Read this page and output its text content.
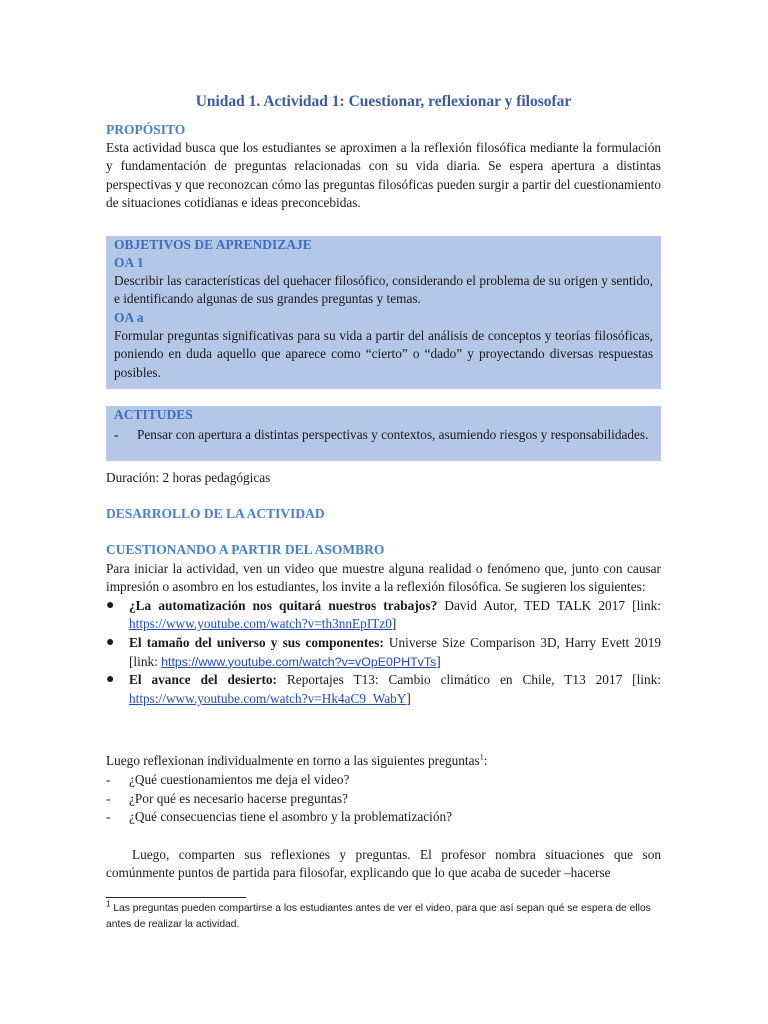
Unidad 1. Actividad 1: Cuestionar, reflexionar y filosofar

PROPÓSITO

Esta actividad busca que los estudiantes se aproximen a la reflexión filosófica mediante la formulación y fundamentación de preguntas relacionadas con su vida diaria. Se espera apertura a distintas perspectivas y que reconozcan cómo las preguntas filosóficas pueden surgir a partir del cuestionamiento de situaciones cotidianas e ideas preconcebidas.

OBJETIVOS DE APRENDIZAJE

OA 1

Describir las características del quehacer filosófico, considerando el problema de su origen y sentido, e identificando algunas de sus grandes preguntas y temas.

OA a

Formular preguntas significativas para su vida a partir del análisis de conceptos y teorías filosóficas, poniendo en duda aquello que aparece como “cierto” o “dado” y proyectando diversas respuestas posibles.

ACTITUDES

- Pensar con apertura a distintas perspectivas y contextos, asumiendo riesgos y responsabilidades.

Duración: 2 horas pedagógicas

DESARROLLO DE LA ACTIVIDAD

CUESTIONANDO A PARTIR DEL ASOMBRO

Para iniciar la actividad, ven un video que muestre alguna realidad o fenómeno que, junto con causar impresión o asombro en los estudiantes, los invite a la reflexión filosófica. Se sugieren los siguientes:

● ¿La automatización nos quitará nuestros trabajos? David Autor, TED TALK 2017 [link: https://www.youtube.com/watch?v=th3nnEpITz0]
● El tamaño del universo y sus componentes: Universe Size Comparison 3D, Harry Evett 2019 [link: https://www.youtube.com/watch?v=vOpE0PHTvTs]
● El avance del desierto: Reportajes T13: Cambio climático en Chile, T13 2017 [link: https://www.youtube.com/watch?v=Hk4aC9_WabY]

Luego reflexionan individualmente en torno a las siguientes preguntas$^1$:

- ¿Qué cuestionamientos me deja el video?
- ¿Por qué es necesario hacerse preguntas?
- ¿Qué consecuencias tiene el asombro y la problematización?

Luego, comparten sus reflexiones y preguntas. El profesor nombra situaciones que son comúnmente puntos de partida para filosofar, explicando que lo que acaba de suceder –hacerse

$^1$ Las preguntas pueden compartirse a los estudiantes antes de ver el video, para que así sepan qué se espera de ellos antes de realizar la actividad.
